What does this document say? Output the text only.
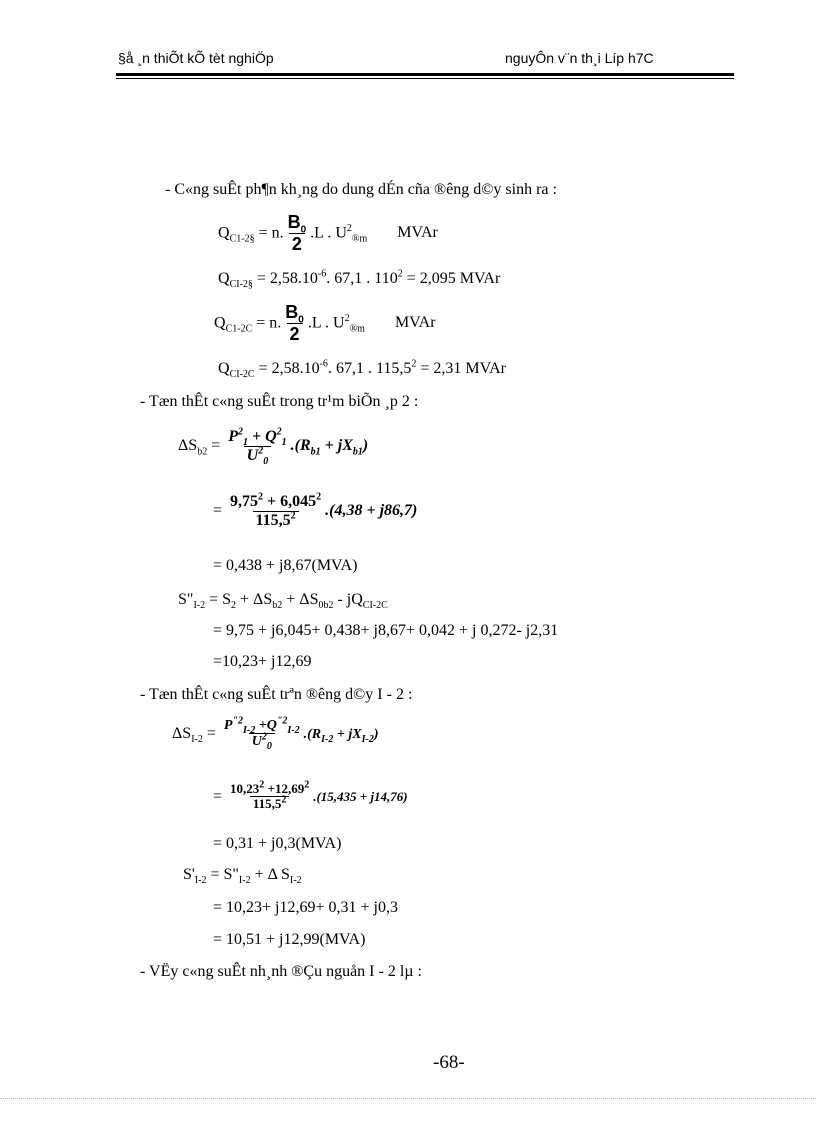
§å ¸n thiÕt kÕ tèt nghiÖp	nguyÔn v¨n th¸i Líp h7C
- C«ng suÊt ph¶n kh¸ng do dung dÉn cña ®êng d©y sinh ra :
$Q_{C1-2\S} = n$. $\frac{B_0}{2} .L$ . $U^2_{®m}$ MVAr
$Q_{CI-2\S} = 2,58.10^{-6}$. 67,1 . $110^2 = 2,095$ MVAr
$Q_{C1-2C} = n$. $\frac{B_0}{2} .L$ . $U^2_{®m}$ MVAr
$Q_{CI-2C} = 2,58.10^{-6}$. 67,1 . $115,5^2 = 2,31$ MVAr
- Tæn thÊt c«ng suÊt trong tr¹m biÕn ¸p 2 :
$\Delta S_{b2} = \frac{P^2_1 + Q^2_1}{U^2_0} .(R_{b1} + jX_{b1})$
= $\frac{9,75^2 + 6,045^2}{115,5^2} .(4,38 + j86,7)$
= 0,438 + j8,67(MVA)
$S"_{I-2} = S_2 + \Delta S_{b2} + \Delta S_{0b2} - jQ_{CI-2C}$
= 9,75 + j6,045+ 0,438+ j8,67+ 0,042 + j 0,272- j2,31
=10,23+ j12,69
- Tæn thÊt c«ng suÊt trªn ®êng d©y I - 2 :
$\Delta S_{I-2} = \frac{P^{"2}_{I-2} +Q^{"2}_{I-2}}{U^2_0} .(R_{I-2} + jX_{I-2})$
= $\frac{10,23^2 +12,69^2}{115,5^2} .(15,435 + j14,76)$
= 0,31 + j0,3(MVA)
$S'_{I-2}$ = $S"_{I-2} + \Delta$ $S_{I-2}$
= 10,23+ j12,69+ 0,31 + j0,3
= 10,51 + j12,99(MVA)
- VËy c«ng suÊt nh¸nh ®Çu nguån I - 2 lµ :
-68-
